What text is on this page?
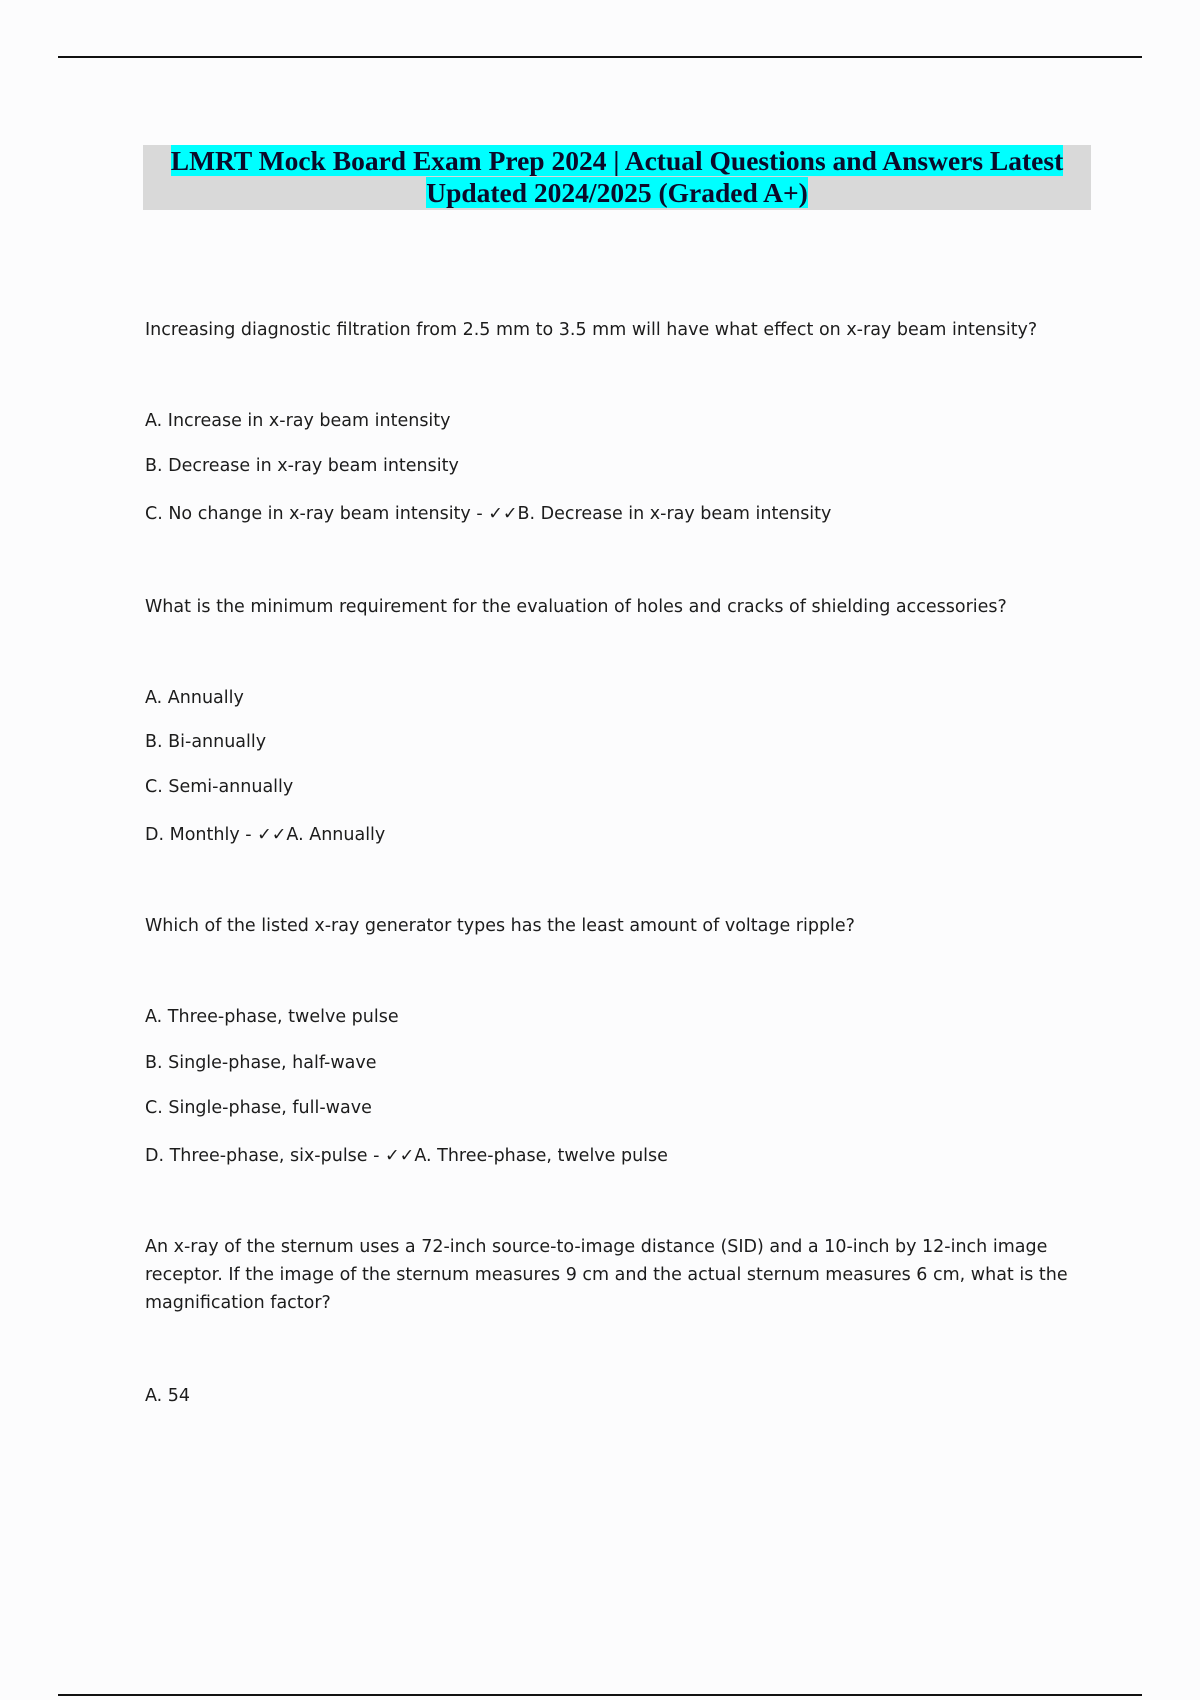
LMRT Mock Board Exam Prep 2024 | Actual Questions and Answers Latest
Updated 2024/2025 (Graded A+)

Increasing diagnostic filtration from 2.5 mm to 3.5 mm will have what effect on x-ray beam intensity?

A. Increase in x-ray beam intensity

B. Decrease in x-ray beam intensity

C. No change in x-ray beam intensity - ✓✓B. Decrease in x-ray beam intensity

What is the minimum requirement for the evaluation of holes and cracks of shielding accessories?

A. Annually

B. Bi-annually

C. Semi-annually

D. Monthly - ✓✓A. Annually

Which of the listed x-ray generator types has the least amount of voltage ripple?

A. Three-phase, twelve pulse

B. Single-phase, half-wave

C. Single-phase, full-wave

D. Three-phase, six-pulse - ✓✓A. Three-phase, twelve pulse

An x-ray of the sternum uses a 72-inch source-to-image distance (SID) and a 10-inch by 12-inch image receptor. If the image of the sternum measures 9 cm and the actual sternum measures 6 cm, what is the magnification factor?

A. 54
